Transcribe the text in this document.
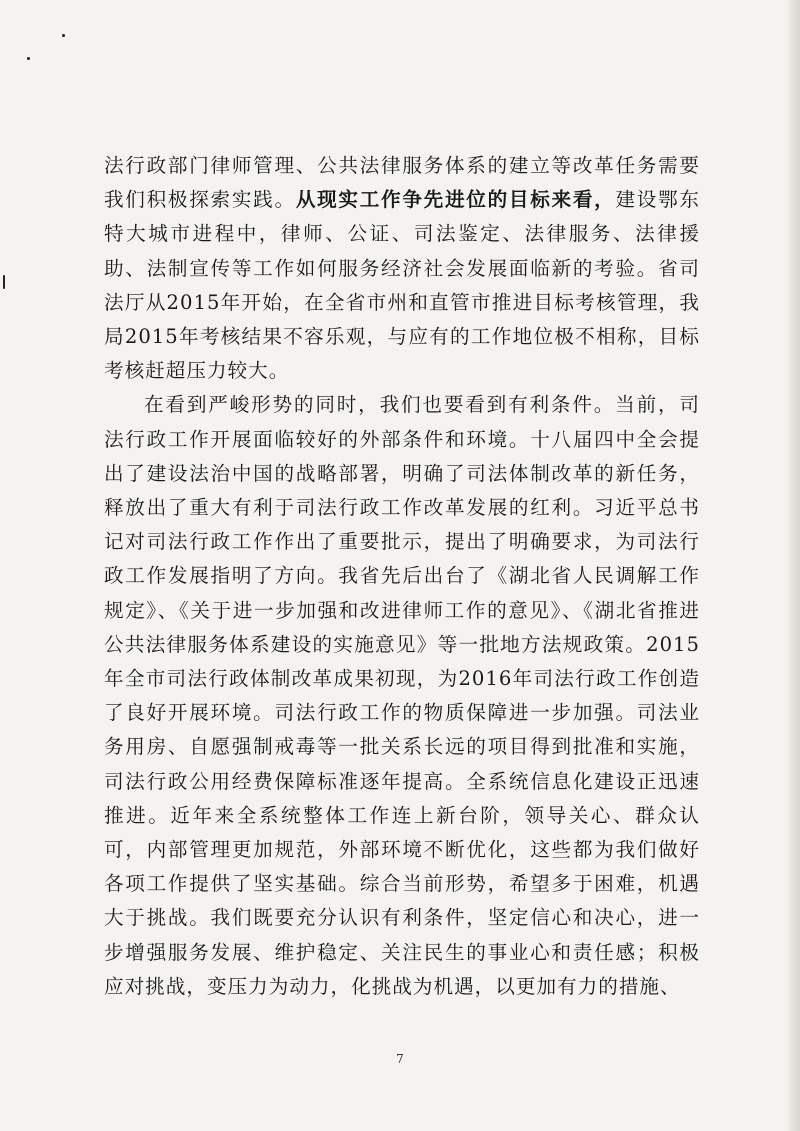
法行政部门律师管理、公共法律服务体系的建立等改革任务需要我们积极探索实践。从现实工作争先进位的目标来看，建设鄂东特大城市进程中，律师、公证、司法鉴定、法律服务、法律援助、法制宣传等工作如何服务经济社会发展面临新的考验。省司法厅从2015年开始，在全省市州和直管市推进目标考核管理，我局2015年考核结果不容乐观，与应有的工作地位极不相称，目标考核赶超压力较大。

在看到严峻形势的同时，我们也要看到有利条件。当前，司法行政工作开展面临较好的外部条件和环境。十八届四中全会提出了建设法治中国的战略部署，明确了司法体制改革的新任务，释放出了重大有利于司法行政工作改革发展的红利。习近平总书记对司法行政工作作出了重要批示，提出了明确要求，为司法行政工作发展指明了方向。我省先后出台了《湖北省人民调解工作规定》、《关于进一步加强和改进律师工作的意见》、《湖北省推进公共法律服务体系建设的实施意见》等一批地方法规政策。2015年全市司法行政体制改革成果初现，为2016年司法行政工作创造了良好开展环境。司法行政工作的物质保障进一步加强。司法业务用房、自愿强制戒毒等一批关系长远的项目得到批准和实施，司法行政公用经费保障标准逐年提高。全系统信息化建设正迅速推进。近年来全系统整体工作连上新台阶，领导关心、群众认可，内部管理更加规范，外部环境不断优化，这些都为我们做好各项工作提供了坚实基础。综合当前形势，希望多于困难，机遇大于挑战。我们既要充分认识有利条件，坚定信心和决心，进一步增强服务发展、维护稳定、关注民生的事业心和责任感；积极应对挑战，变压力为动力，化挑战为机遇，以更加有力的措施、

7
